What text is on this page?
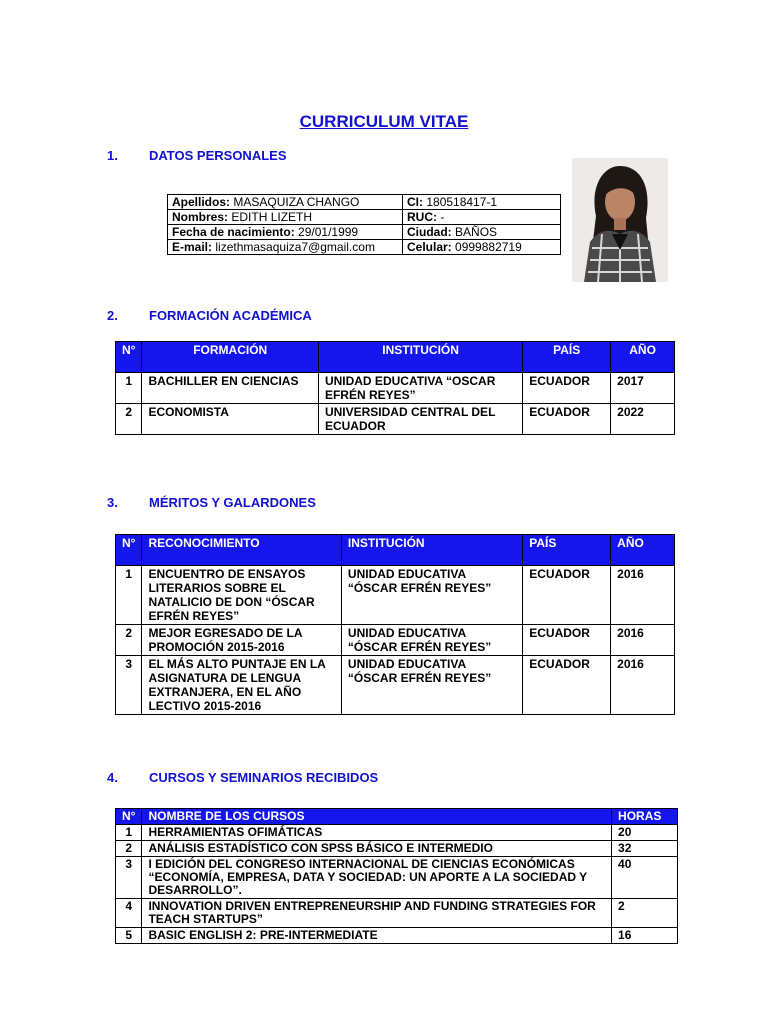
CURRICULUM VITAE
1. DATOS PERSONALES
Apellidos: MASAQUIZA CHANGO	CI: 180518417-1
Nombres: EDITH LIZETH	RUC: -
Fecha de nacimiento: 29/01/1999	Ciudad: BAÑOS
E-mail: lizethmasaquiza7@gmail.com	Celular: 0999882719
2. FORMACIÓN ACADÉMICA
N°	FORMACIÓN	INSTITUCIÓN	PAÍS	AÑO
1	BACHILLER EN CIENCIAS	UNIDAD EDUCATIVA “OSCAR EFRÉN REYES”	ECUADOR	2017
2	ECONOMISTA	UNIVERSIDAD CENTRAL DEL ECUADOR	ECUADOR	2022
3. MÉRITOS Y GALARDONES
N°	RECONOCIMIENTO	INSTITUCIÓN	PAÍS	AÑO
1	ENCUENTRO DE ENSAYOS LITERARIOS SOBRE EL NATALICIO DE DON “ÓSCAR EFRÉN REYES”	UNIDAD EDUCATIVA “ÓSCAR EFRÉN REYES”	ECUADOR	2016
2	MEJOR EGRESADO DE LA PROMOCIÓN 2015-2016	UNIDAD EDUCATIVA “ÓSCAR EFRÉN REYES”	ECUADOR	2016
3	EL MÁS ALTO PUNTAJE EN LA ASIGNATURA DE LENGUA EXTRANJERA, EN EL AÑO LECTIVO 2015-2016	UNIDAD EDUCATIVA “ÓSCAR EFRÉN REYES”	ECUADOR	2016
4. CURSOS Y SEMINARIOS RECIBIDOS
N°	NOMBRE DE LOS CURSOS	HORAS
1	HERRAMIENTAS OFIMÁTICAS	20
2	ANÁLISIS ESTADÍSTICO CON SPSS BÁSICO E INTERMEDIO	32
3	I EDICIÓN DEL CONGRESO INTERNACIONAL DE CIENCIAS ECONÓMICAS “ECONOMÍA, EMPRESA, DATA Y SOCIEDAD: UN APORTE A LA SOCIEDAD Y DESARROLLO”.	40
4	INNOVATION DRIVEN ENTREPRENEURSHIP AND FUNDING STRATEGIES FOR TEACH STARTUPS”	2
5	BASIC ENGLISH 2: PRE-INTERMEDIATE	16
